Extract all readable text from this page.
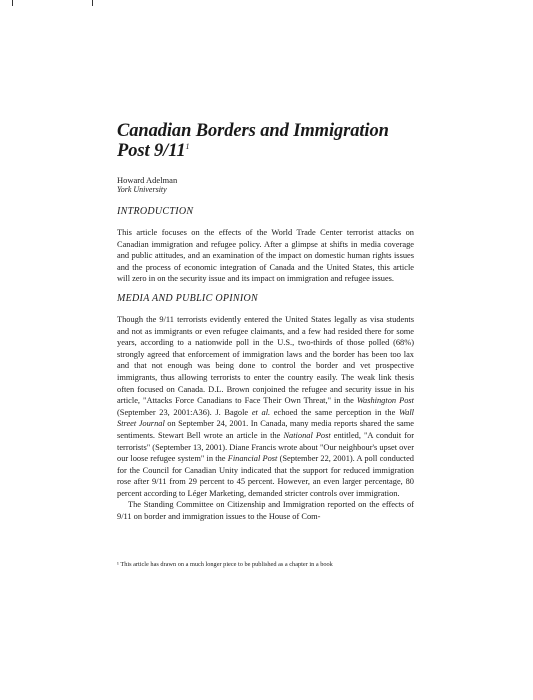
Canadian Borders and Immigration Post $9/11^1$
Howard Adelman
York University
INTRODUCTION

This article focuses on the effects of the World Trade Center terrorist attacks on Canadian immigration and refugee policy. After a glimpse at shifts in media coverage and public attitudes, and an examination of the impact on domestic human rights issues and the process of economic integration of Canada and the United States, this article will zero in on the security issue and its impact on immigration and refugee issues.

MEDIA AND PUBLIC OPINION

Though the 9/11 terrorists evidently entered the United States legally as visa students and not as immigrants or even refugee claimants, and a few had resided there for some years, according to a nationwide poll in the U.S., two-thirds of those polled (68%) strongly agreed that enforcement of immigration laws and the border has been too lax and that not enough was being done to control the border and vet prospective immigrants, thus allowing terrorists to enter the country easily. The weak link thesis often focused on Canada. D.L. Brown conjoined the refugee and security issue in his article, "Attacks Force Canadians to Face Their Own Threat," in the Washington Post (September 23, 2001:A36). J. Bagole et al. echoed the same perception in the Wall Street Journal on September 24, 2001. In Canada, many media reports shared the same sentiments. Stewart Bell wrote an article in the National Post entitled, "A conduit for terrorists" (September 13, 2001). Diane Francis wrote about "Our neighbour's upset over our loose refugee system" in the Financial Post (September 22, 2001). A poll conducted for the Council for Canadian Unity indicated that the support for reduced immigration rose after 9/11 from 29 percent to 45 percent. However, an even larger percentage, 80 percent according to Léger Marketing, demanded stricter controls over immigration.

The Standing Committee on Citizenship and Immigration reported on the effects of 9/11 on border and immigration issues to the House of Com-

¹ This article has drawn on a much longer piece to be published as a chapter in a book
